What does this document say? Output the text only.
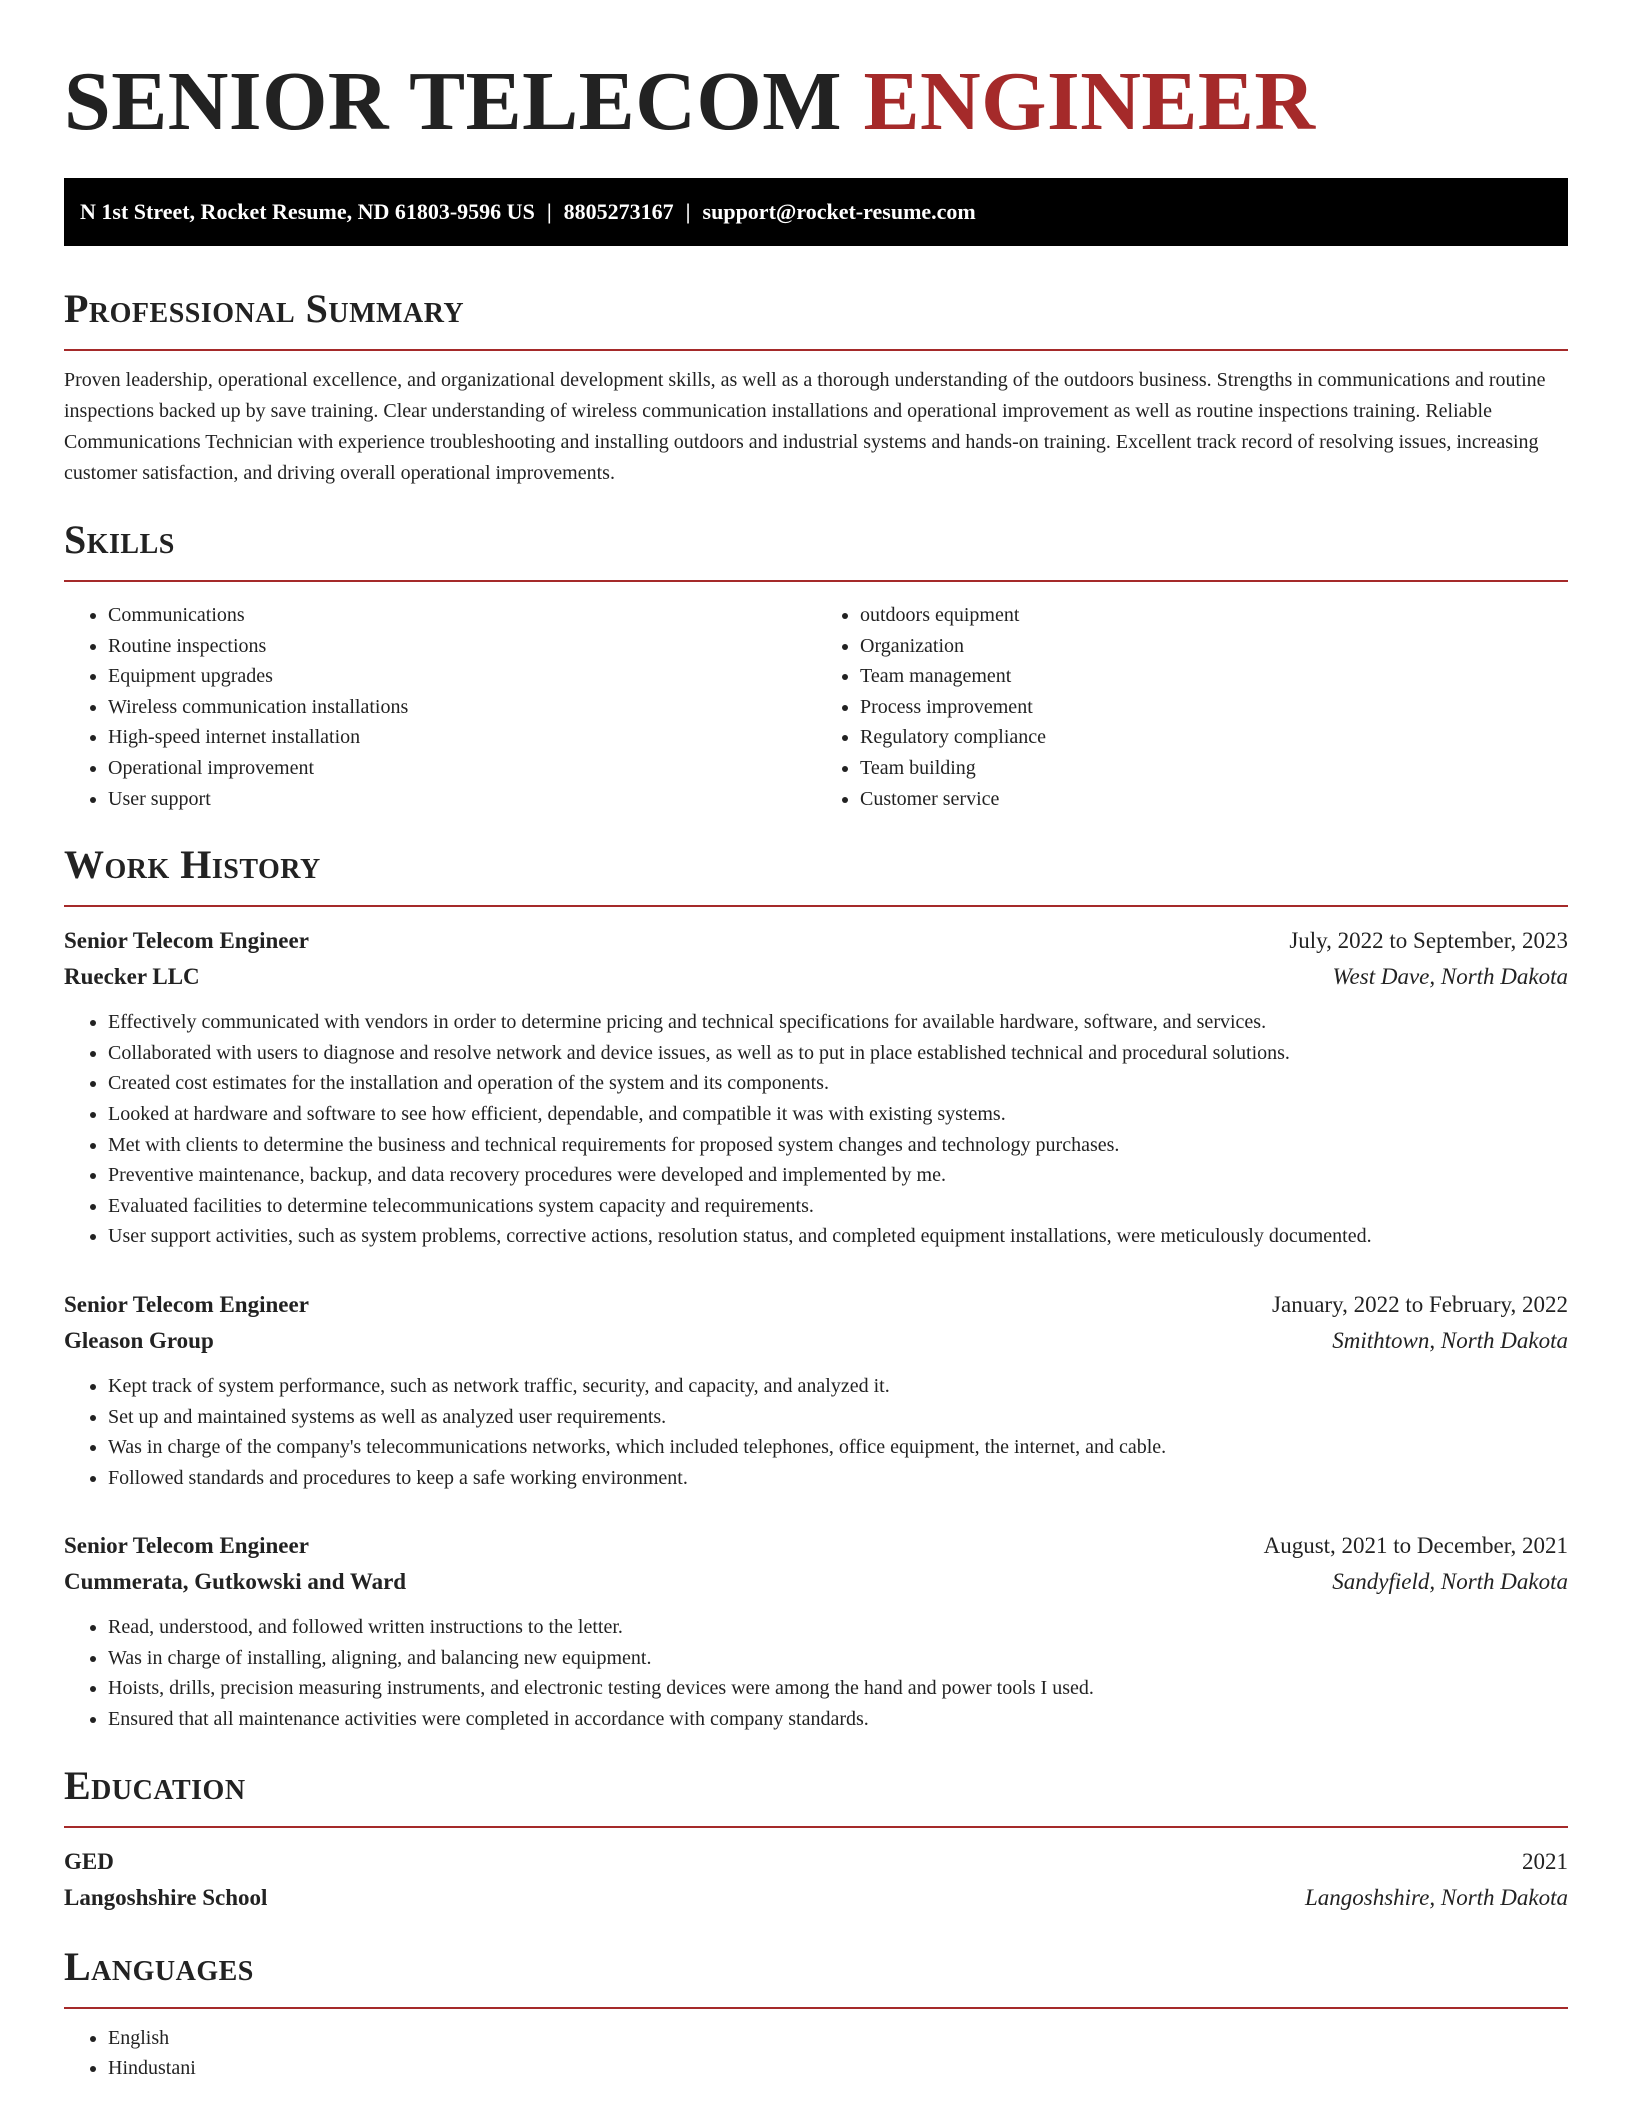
SENIOR TELECOM ENGINEER
N 1st Street, Rocket Resume, ND 61803-9596 US | 8805273167 | support@rocket-resume.com
Professional Summary

Proven leadership, operational excellence, and organizational development skills, as well as a thorough understanding of the outdoors business. Strengths in communications and routine inspections backed up by save training. Clear understanding of wireless communication installations and operational improvement as well as routine inspections training. Reliable Communications Technician with experience troubleshooting and installing outdoors and industrial systems and hands-on training. Excellent track record of resolving issues, increasing customer satisfaction, and driving overall operational improvements.

Skills
• Communications
• Routine inspections
• Equipment upgrades
• Wireless communication installations
• High-speed internet installation
• Operational improvement
• User support
• outdoors equipment
• Organization
• Team management
• Process improvement
• Regulatory compliance
• Team building
• Customer service
Work History
Senior Telecom Engineer	July, 2022 to September, 2023
Ruecker LLC	West Dave, North Dakota
• Effectively communicated with vendors in order to determine pricing and technical specifications for available hardware, software, and services.
• Collaborated with users to diagnose and resolve network and device issues, as well as to put in place established technical and procedural solutions.
• Created cost estimates for the installation and operation of the system and its components.
• Looked at hardware and software to see how efficient, dependable, and compatible it was with existing systems.
• Met with clients to determine the business and technical requirements for proposed system changes and technology purchases.
• Preventive maintenance, backup, and data recovery procedures were developed and implemented by me.
• Evaluated facilities to determine telecommunications system capacity and requirements.
• User support activities, such as system problems, corrective actions, resolution status, and completed equipment installations, were meticulously documented.
Senior Telecom Engineer	January, 2022 to February, 2022
Gleason Group	Smithtown, North Dakota
• Kept track of system performance, such as network traffic, security, and capacity, and analyzed it.
• Set up and maintained systems as well as analyzed user requirements.
• Was in charge of the company's telecommunications networks, which included telephones, office equipment, the internet, and cable.
• Followed standards and procedures to keep a safe working environment.
Senior Telecom Engineer	August, 2021 to December, 2021
Cummerata, Gutkowski and Ward	Sandyfield, North Dakota
• Read, understood, and followed written instructions to the letter.
• Was in charge of installing, aligning, and balancing new equipment.
• Hoists, drills, precision measuring instruments, and electronic testing devices were among the hand and power tools I used.
• Ensured that all maintenance activities were completed in accordance with company standards.
Education
GED	2021
Langoshshire School	Langoshshire, North Dakota
Languages
• English
• Hindustani
